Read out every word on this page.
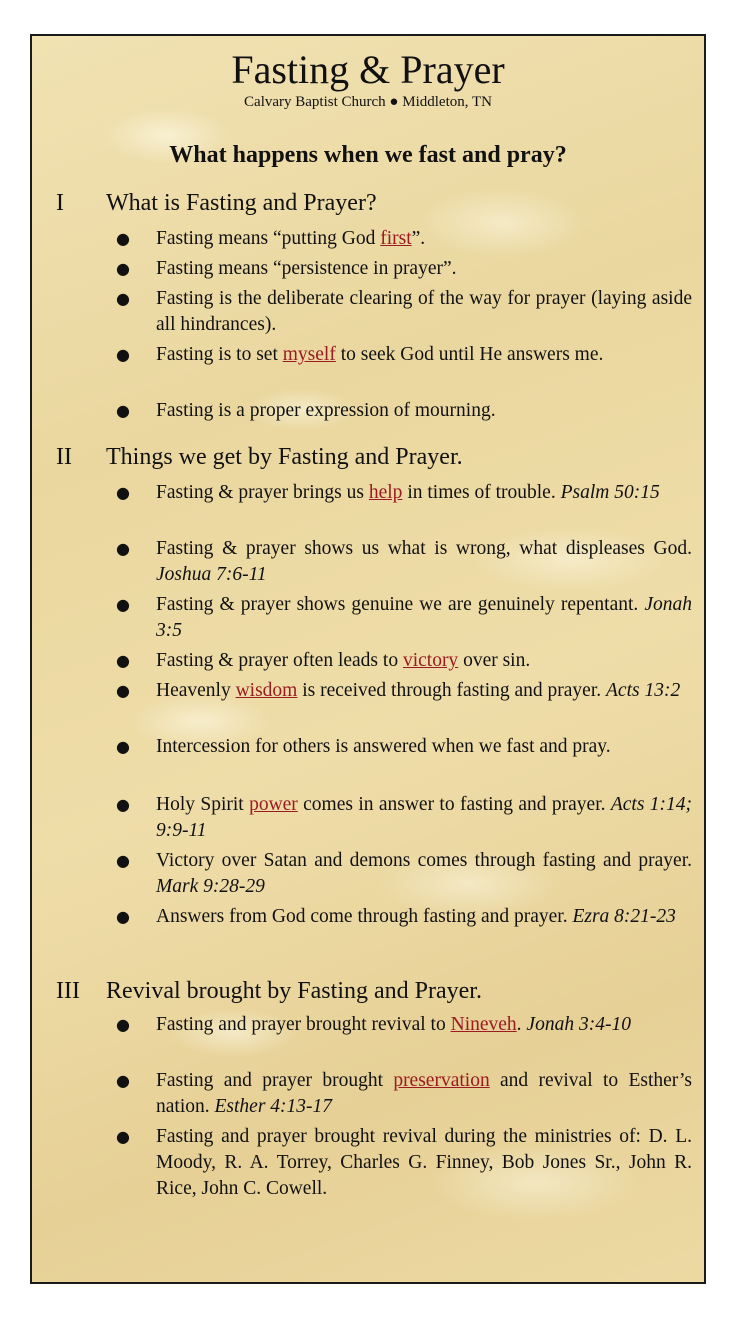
Fasting & Prayer
Calvary Baptist Church ● Middleton, TN
What happens when we fast and pray?
I What is Fasting and Prayer?
● Fasting means “putting God first”.
● Fasting means “persistence in prayer”.
● Fasting is the deliberate clearing of the way for prayer (laying aside all hindrances).
● Fasting is to set myself to seek God until He answers me.
● Fasting is a proper expression of mourning.
II Things we get by Fasting and Prayer.
● Fasting & prayer brings us help in times of trouble. Psalm 50:15
● Fasting & prayer shows us what is wrong, what displeases God. Joshua 7:6-11
● Fasting & prayer shows genuine we are genuinely repentant. Jonah 3:5
● Fasting & prayer often leads to victory over sin.
● Heavenly wisdom is received through fasting and prayer. Acts 13:2
● Intercession for others is answered when we fast and pray.
● Holy Spirit power comes in answer to fasting and prayer. Acts 1:14; 9:9-11
● Victory over Satan and demons comes through fasting and prayer. Mark 9:28-29
● Answers from God come through fasting and prayer. Ezra 8:21-23
III Revival brought by Fasting and Prayer.
● Fasting and prayer brought revival to Nineveh. Jonah 3:4-10
● Fasting and prayer brought preservation and revival to Esther’s nation. Esther 4:13-17
● Fasting and prayer brought revival during the ministries of: D. L. Moody, R. A. Torrey, Charles G. Finney, Bob Jones Sr., John R. Rice, John C. Cowell.
